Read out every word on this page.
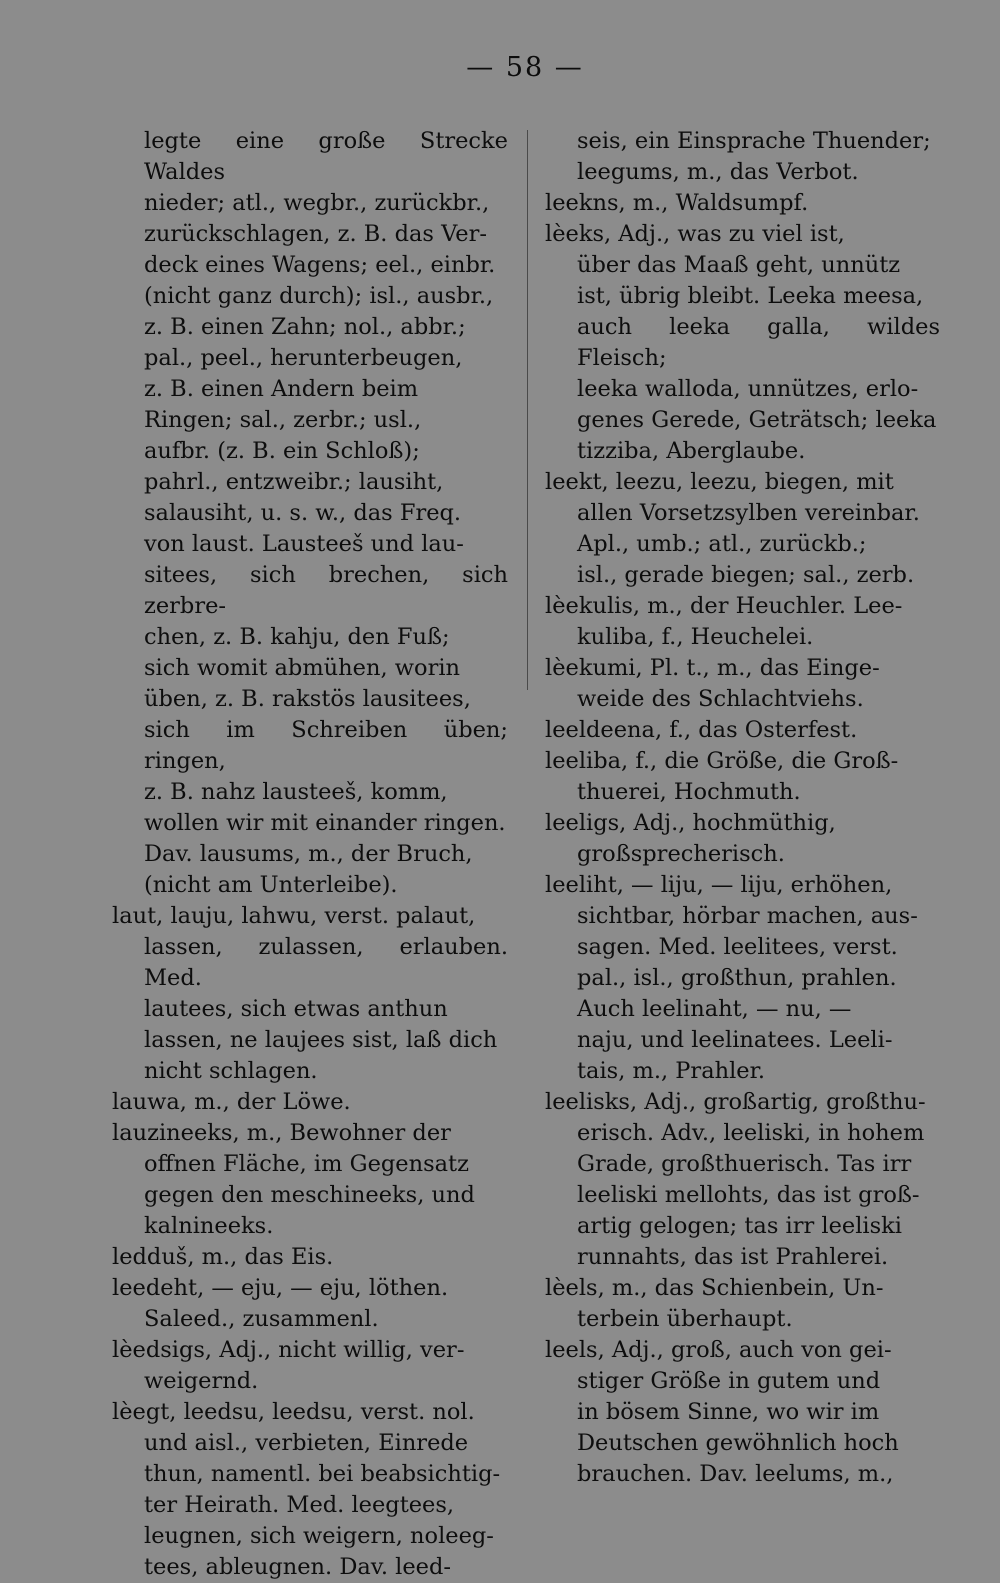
— 58 —

legte eine große Strecke Waldes
nieder; atl., wegbr., zurückbr.,
zurückschlagen, z. B. das Ver-
deck eines Wagens; eel., einbr.
(nicht ganz durch); isl., ausbr.,
z. B. einen Zahn; nol., abbr.;
pal., peel., herunterbeugen,
z. B. einen Andern beim
Ringen; sal., zerbr.; usl.,
aufbr. (z. B. ein Schloß);
pahrl., entzweibr.; lausiht,
salausiht, u. s. w., das Freq.
von laust. Lausteeš und lau-
sitees, sich brechen, sich zerbre-
chen, z. B. kahju, den Fuß;
sich womit abmühen, worin
üben, z. B. rakstös lausitees,
sich im Schreiben üben; ringen,
z. B. nahz lausteeš, komm,
wollen wir mit einander ringen.
Dav. lausums, m., der Bruch,
(nicht am Unterleibe).

laut, lauju, lahwu, verst. palaut,
lassen, zulassen, erlauben. Med.
lautees, sich etwas anthun
lassen, ne laujees sist, laß dich
nicht schlagen.

lauwa, m., der Löwe.

lauzineeks, m., Bewohner der
offnen Fläche, im Gegensatz
gegen den meschineeks, und
kalnineeks.

ledduš, m., das Eis.

leedeht, — eju, — eju, löthen.
Saleed., zusammenl.

lèedsigs, Adj., nicht willig, ver-
weigernd.

lèegt, leedsu, leedsu, verst. nol.
und aisl., verbieten, Einrede
thun, namentl. bei beabsichtig-
ter Heirath. Med. leegtees,
leugnen, sich weigern, noleeg-
tees, ableugnen. Dav. leed-

seis, ein Einsprache Thuender;
leegums, m., das Verbot.

leekns, m., Waldsumpf.

lèeks, Adj., was zu viel ist,
über das Maaß geht, unnütz
ist, übrig bleibt. Leeka meesa,
auch leeka galla, wildes Fleisch;
leeka walloda, unnützes, erlo-
genes Gerede, Geträtsch; leeka
tizziba, Aberglaube.

leekt, leezu, leezu, biegen, mit
allen Vorsetzsylben vereinbar.
Apl., umb.; atl., zurückb.;
isl., gerade biegen; sal., zerb.

lèekulis, m., der Heuchler. Lee-
kuliba, f., Heuchelei.

lèekumi, Pl. t., m., das Einge-
weide des Schlachtviehs.

leeldeena, f., das Osterfest.

leeliba, f., die Größe, die Groß-
thuerei, Hochmuth.

leeligs, Adj., hochmüthig,
großsprecherisch.

leeliht, — liju, — liju, erhöhen,
sichtbar, hörbar machen, aus-
sagen. Med. leelitees, verst.
pal., isl., großthun, prahlen.
Auch leelinaht, — nu, —
naju, und leelinatees. Leeli-
tais, m., Prahler.

leelisks, Adj., großartig, großthu-
erisch. Adv., leeliski, in hohem
Grade, großthuerisch. Tas irr
leeliski mellohts, das ist groß-
artig gelogen; tas irr leeliski
runnahts, das ist Prahlerei.

lèels, m., das Schienbein, Un-
terbein überhaupt.

leels, Adj., groß, auch von gei-
stiger Größe in gutem und
in bösem Sinne, wo wir im
Deutschen gewöhnlich hoch
brauchen. Dav. leelums, m.,
